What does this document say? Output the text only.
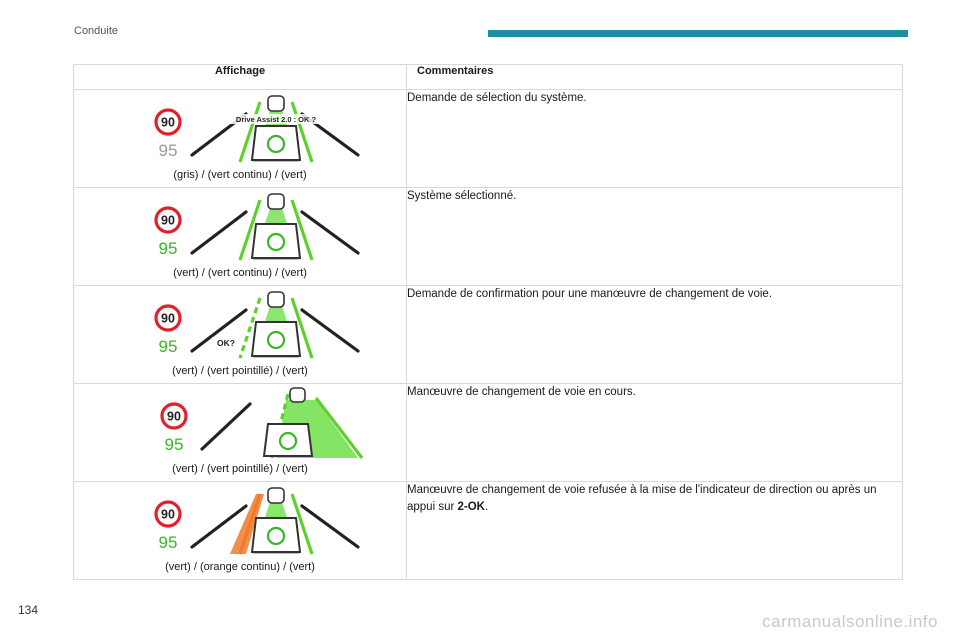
Conduite
Affichage	Commentaires

90
95
Drive Assist 2.0 : OK ?
(gris) / (vert continu) / (vert)	Demande de sélection du système.

90
95
(vert) / (vert continu) / (vert)	Système sélectionné.

90
95 OK?
(vert) / (vert pointillé) / (vert)	Demande de confirmation pour une manœuvre de changement de voie.

90
95
(vert) / (vert pointillé) / (vert)	Manœuvre de changement de voie en cours.

90
95
(vert) / (orange continu) / (vert)	Manœuvre de changement de voie refusée à la mise de l'indicateur de direction ou après un appui sur 2-OK.
134
carmanualsonline.info
